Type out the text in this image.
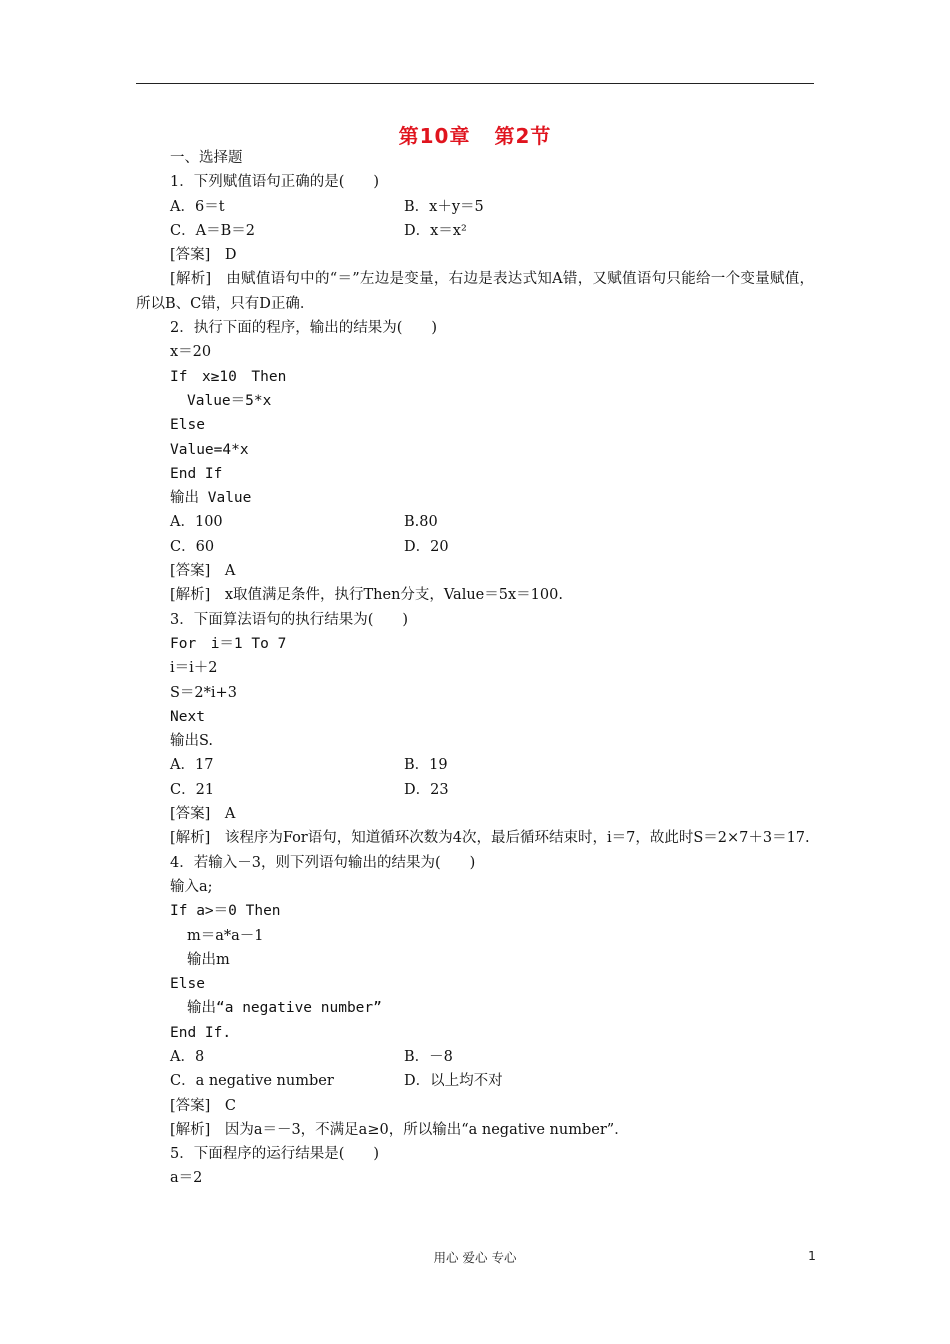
第10章 第2节
一、选择题
1．下列赋值语句正确的是(　　)
A．6＝t	B．x＋y＝5
C．A＝B＝2	D．x＝x²
[答案]　D
[解析]　由赋值语句中的“＝”左边是变量，右边是表达式知A错，又赋值语句只能给一个变量赋值，所以B、C错，只有D正确．
2．执行下面的程序，输出的结果为(　　)
x＝20
If　x≥10　Then
Value＝5*x
Else
Value=4*x
End If
输出 Value
A．100	B.80
C．60	D．20
[答案]　A
[解析]　x取值满足条件，执行Then分支，Value＝5x＝100.
3．下面算法语句的执行结果为(　　)
For　i＝1 To 7
i＝i＋2
S＝2*i+3
Next
输出S.
A．17	B．19
C．21	D．23
[答案]　A
[解析]　该程序为For语句，知道循环次数为4次，最后循环结束时，i＝7，故此时S＝2×7＋3＝17.
4．若输入－3，则下列语句输出的结果为(　　)
输入a;
If a>＝0 Then
m＝a*a－1
输出m
Else
输出“a negative number”
End If.
A．8	B．－8
C．a negative number	D．以上均不对
[答案]　C
[解析]　因为a＝－3，不满足a≥0，所以输出“a negative number”．
5．下面程序的运行结果是(　　)
a＝2
用心 爱心 专心	1
